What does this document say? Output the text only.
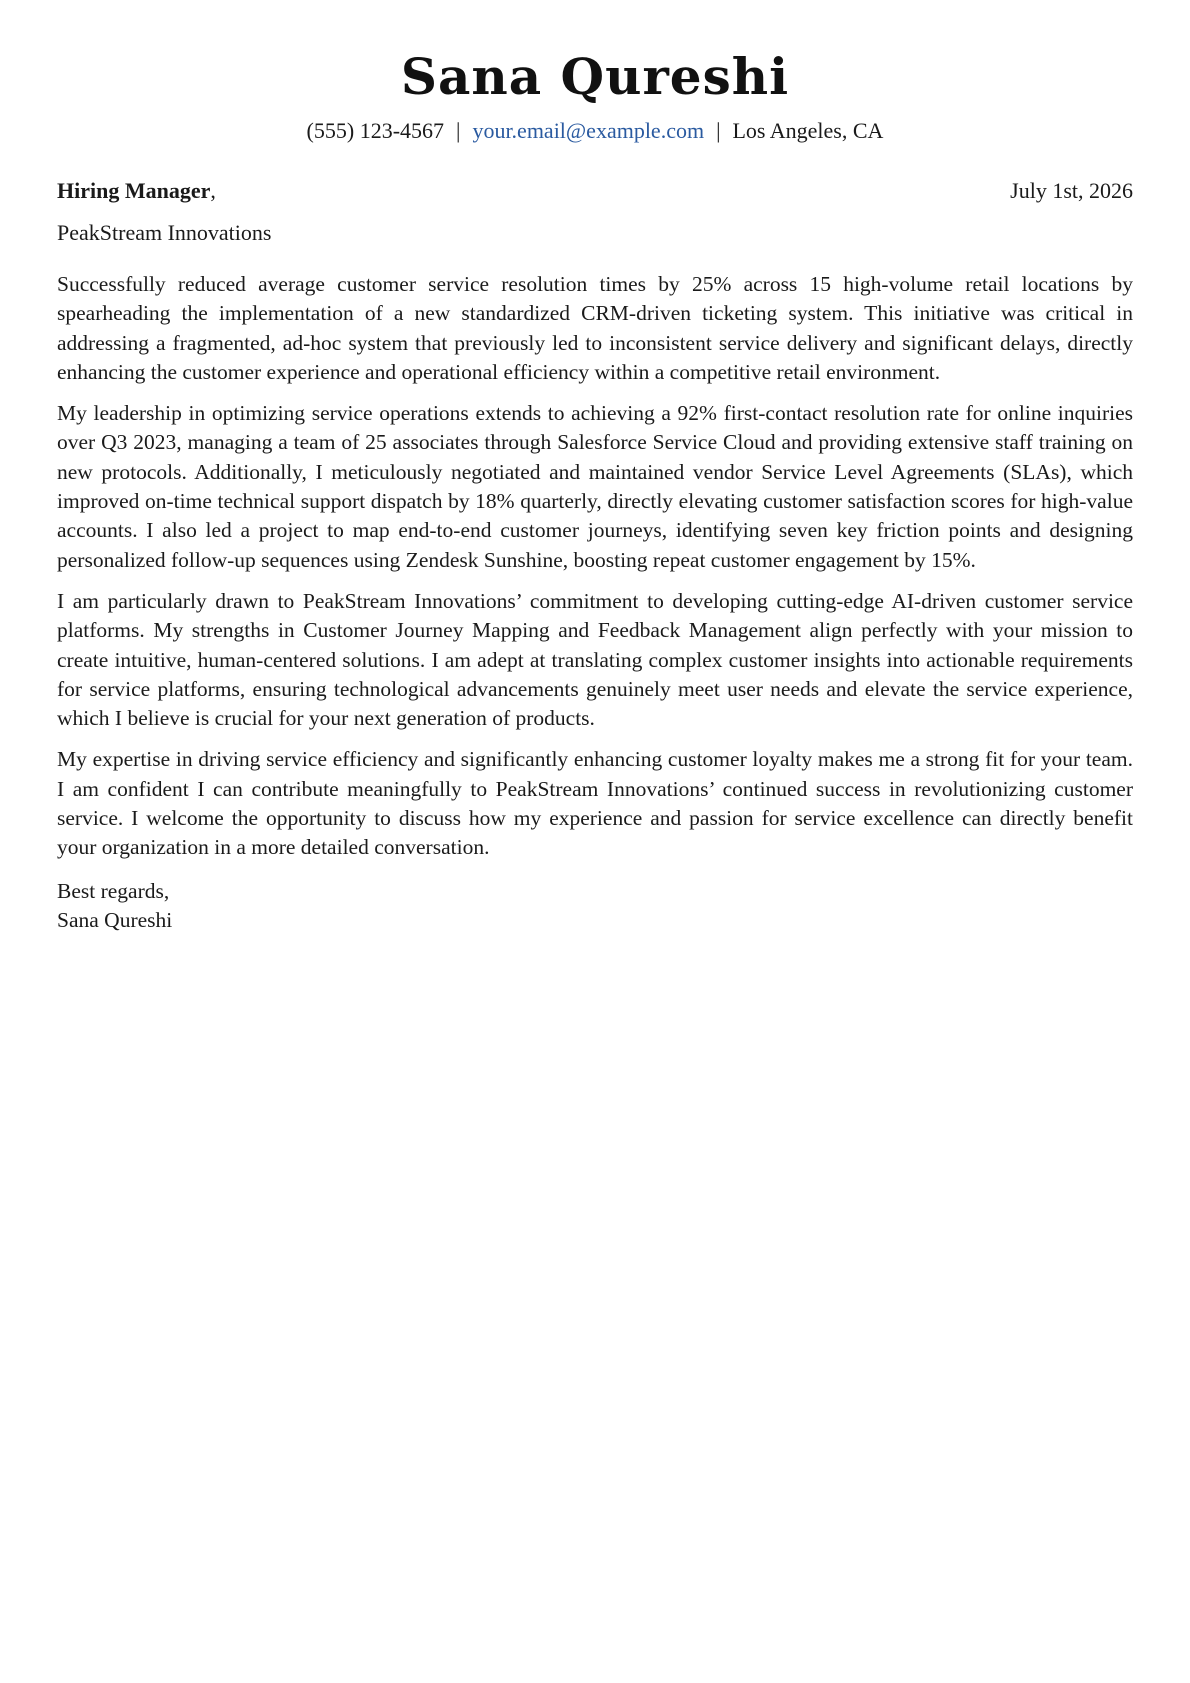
Sana Qureshi
(555) 123-4567 | your.email@example.com | Los Angeles, CA
Hiring Manager,	July 1st, 2026
PeakStream Innovations

Successfully reduced average customer service resolution times by 25% across 15 high-volume retail locations by spearheading the implementation of a new standardized CRM-driven ticketing system. This initiative was critical in addressing a fragmented, ad-hoc system that previously led to inconsistent service delivery and significant delays, directly enhancing the customer experience and operational efficiency within a competitive retail environment.

My leadership in optimizing service operations extends to achieving a 92% first-contact resolution rate for online inquiries over Q3 2023, managing a team of 25 associates through Salesforce Service Cloud and providing extensive staff training on new protocols. Additionally, I meticulously negotiated and maintained vendor Service Level Agreements (SLAs), which improved on-time technical support dispatch by 18% quarterly, directly elevating customer satisfaction scores for high-value accounts. I also led a project to map end-to-end customer journeys, identifying seven key friction points and designing personalized follow-up sequences using Zendesk Sunshine, boosting repeat customer engagement by 15%.

I am particularly drawn to PeakStream Innovations’ commitment to developing cutting-edge AI-driven customer service platforms. My strengths in Customer Journey Mapping and Feedback Management align perfectly with your mission to create intuitive, human-centered solutions. I am adept at translating complex customer insights into actionable requirements for service platforms, ensuring technological advancements genuinely meet user needs and elevate the service experience, which I believe is crucial for your next generation of products.

My expertise in driving service efficiency and significantly enhancing customer loyalty makes me a strong fit for your team. I am confident I can contribute meaningfully to PeakStream Innovations’ continued success in revolutionizing customer service. I welcome the opportunity to discuss how my experience and passion for service excellence can directly benefit your organization in a more detailed conversation.

Best regards,
Sana Qureshi
